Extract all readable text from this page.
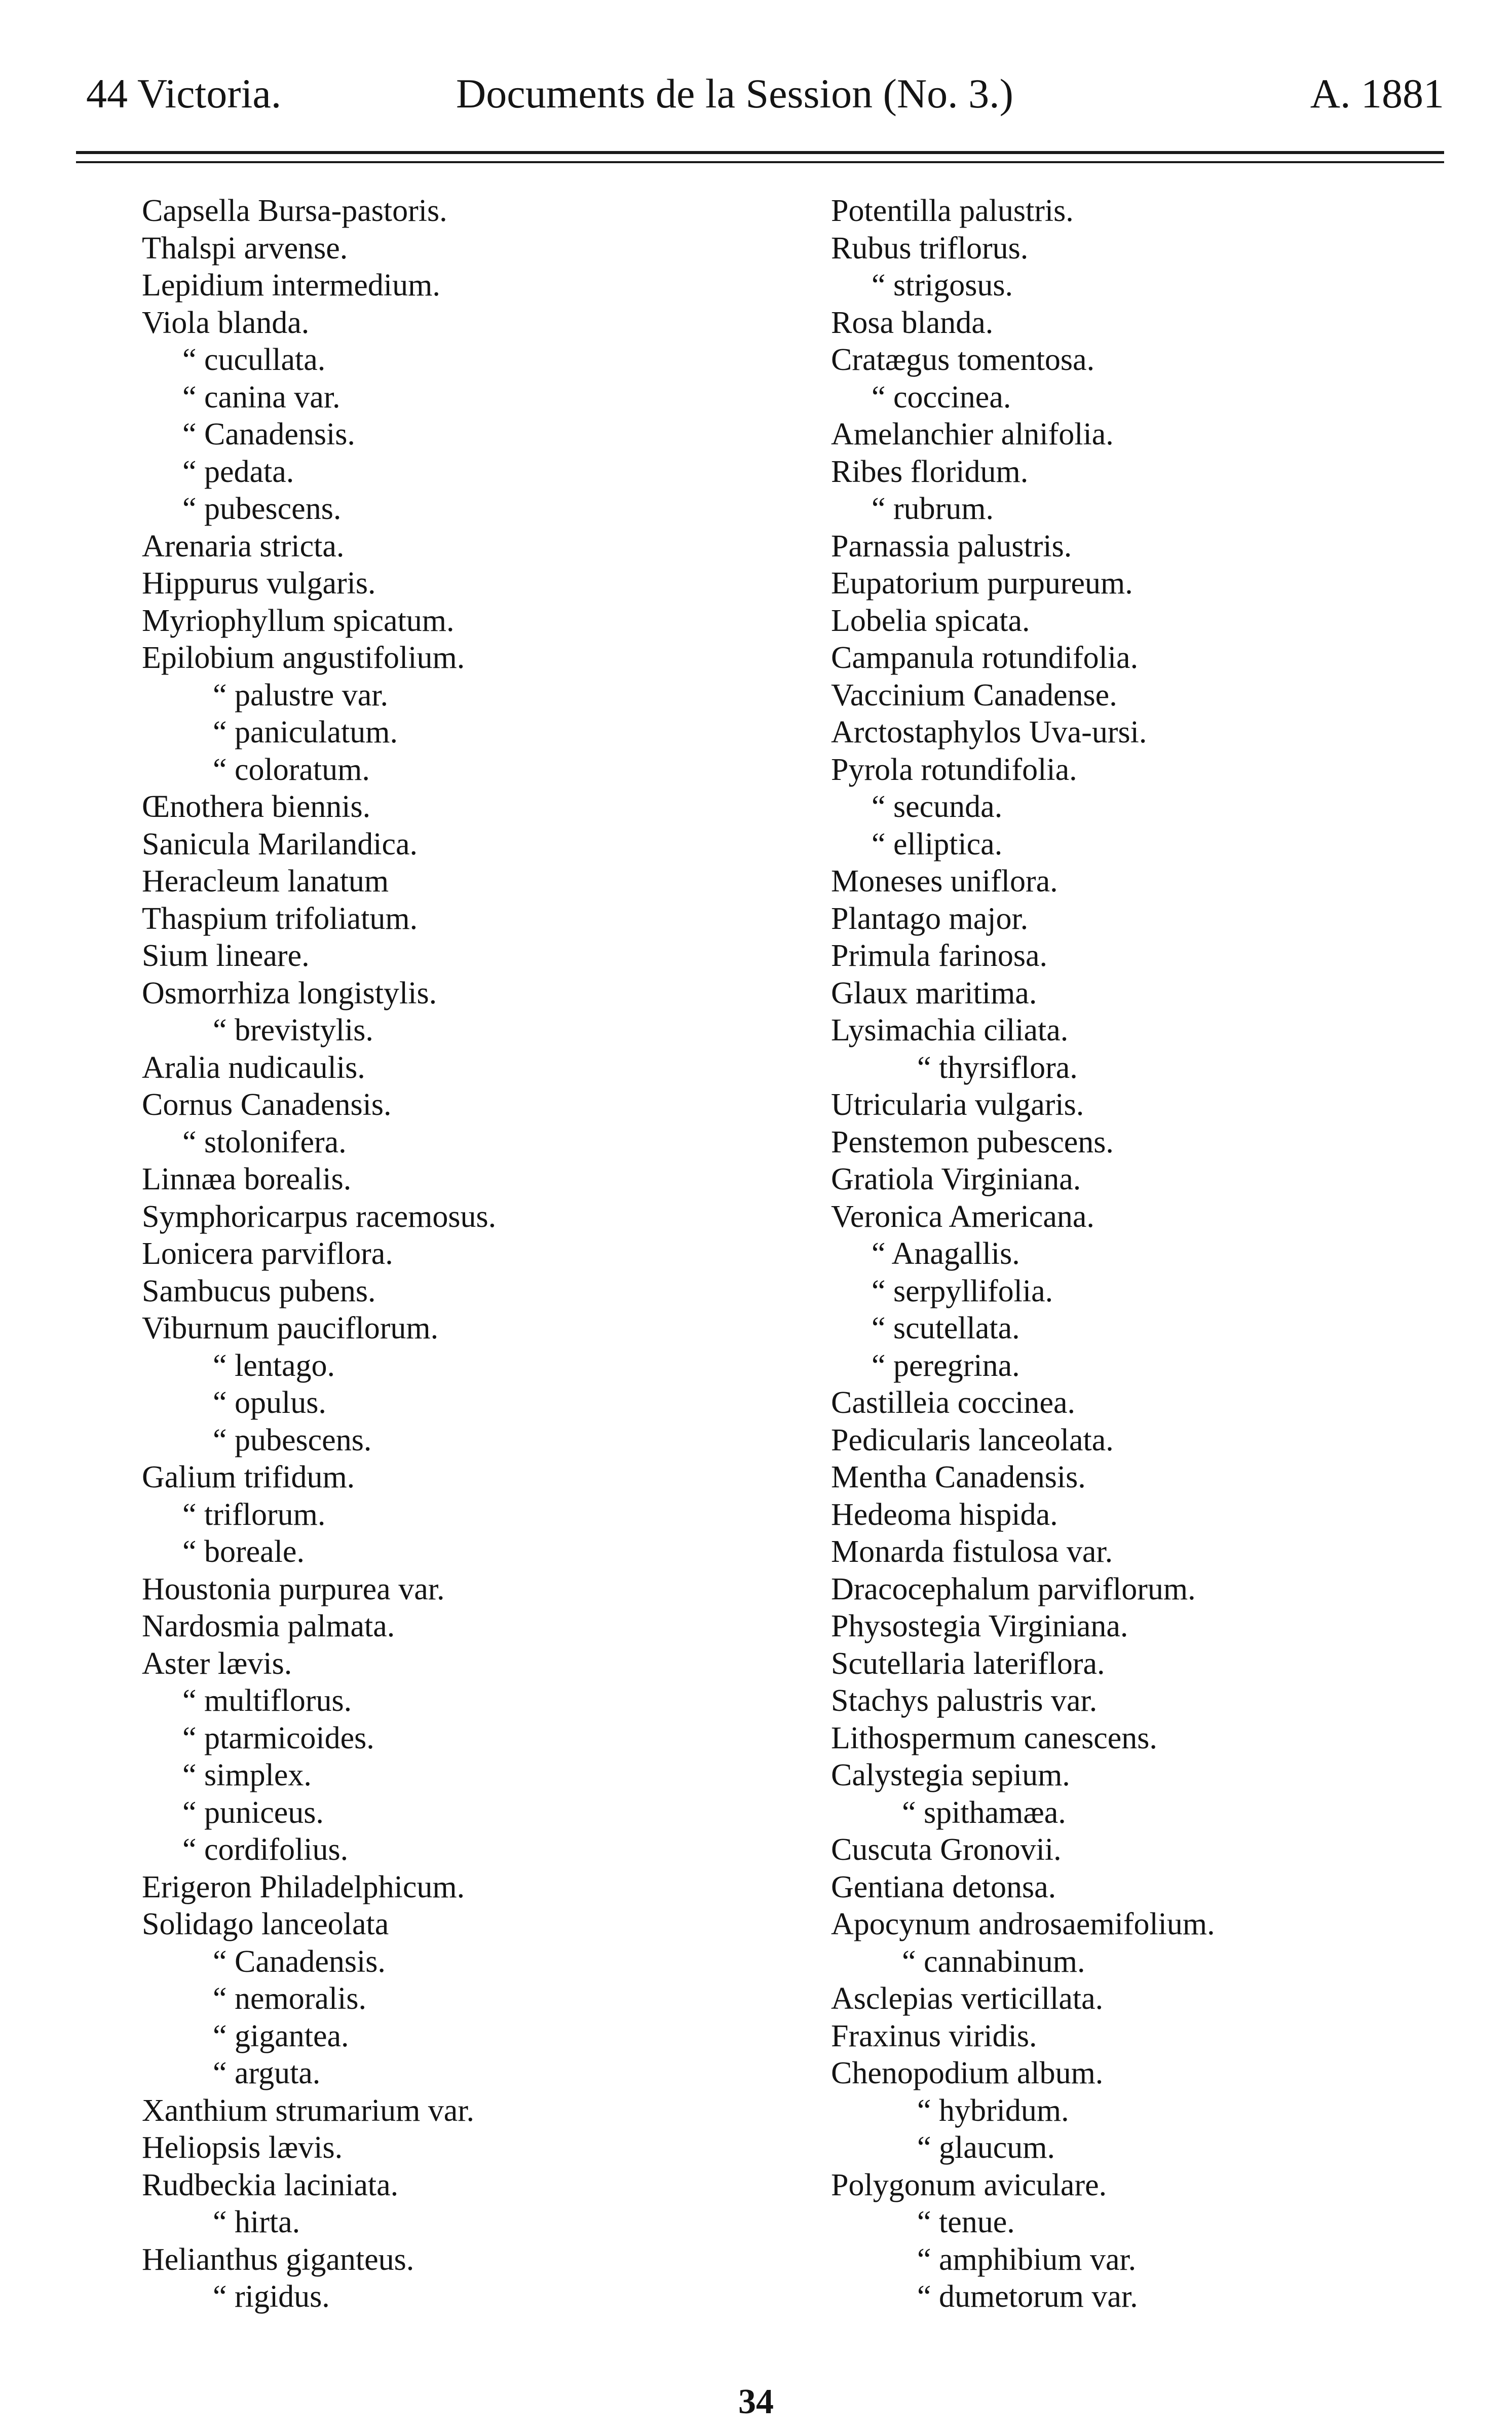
44 Victoria.	Documents de la Session (No. 3.)	A. 1881
Capsella Bursa-pastoris.
Thalspi arvense.
Lepidium intermedium.
Viola blanda.
“ cucullata.
“ canina var.
“ Canadensis.
“ pedata.
“ pubescens.
Arenaria stricta.
Hippurus vulgaris.
Myriophyllum spicatum.
Epilobium angustifolium.
“ palustre var.
“ paniculatum.
“ coloratum.
Œnothera biennis.
Sanicula Marilandica.
Heracleum lanatum
Thaspium trifoliatum.
Sium lineare.
Osmorrhiza longistylis.
“ brevistylis.
Aralia nudicaulis.
Cornus Canadensis.
“ stolonifera.
Linnæa borealis.
Symphoricarpus racemosus.
Lonicera parviflora.
Sambucus pubens.
Viburnum pauciflorum.
“ lentago.
“ opulus.
“ pubescens.
Galium trifidum.
“ triflorum.
“ boreale.
Houstonia purpurea var.
Nardosmia palmata.
Aster lævis.
“ multiflorus.
“ ptarmicoides.
“ simplex.
“ puniceus.
“ cordifolius.
Erigeron Philadelphicum.
Solidago lanceolata
“ Canadensis.
“ nemoralis.
“ gigantea.
“ arguta.
Xanthium strumarium var.
Heliopsis lævis.
Rudbeckia laciniata.
“ hirta.
Helianthus giganteus.
“ rigidus.
Potentilla palustris.
Rubus triflorus.
“ strigosus.
Rosa blanda.
Cratægus tomentosa.
“ coccinea.
Amelanchier alnifolia.
Ribes floridum.
“ rubrum.
Parnassia palustris.
Eupatorium purpureum.
Lobelia spicata.
Campanula rotundifolia.
Vaccinium Canadense.
Arctostaphylos Uva-ursi.
Pyrola rotundifolia.
“ secunda.
“ elliptica.
Moneses uniflora.
Plantago major.
Primula farinosa.
Glaux maritima.
Lysimachia ciliata.
“ thyrsiflora.
Utricularia vulgaris.
Penstemon pubescens.
Gratiola Virginiana.
Veronica Americana.
“ Anagallis.
“ serpyllifolia.
“ scutellata.
“ peregrina.
Castilleia coccinea.
Pedicularis lanceolata.
Mentha Canadensis.
Hedeoma hispida.
Monarda fistulosa var.
Dracocephalum parviflorum.
Physostegia Virginiana.
Scutellaria lateriflora.
Stachys palustris var.
Lithospermum canescens.
Calystegia sepium.
“ spithamæa.
Cuscuta Gronovii.
Gentiana detonsa.
Apocynum androsaemifolium.
“ cannabinum.
Asclepias verticillata.
Fraxinus viridis.
Chenopodium album.
“ hybridum.
“ glaucum.
Polygonum aviculare.
“ tenue.
“ amphibium var.
“ dumetorum var.
34
